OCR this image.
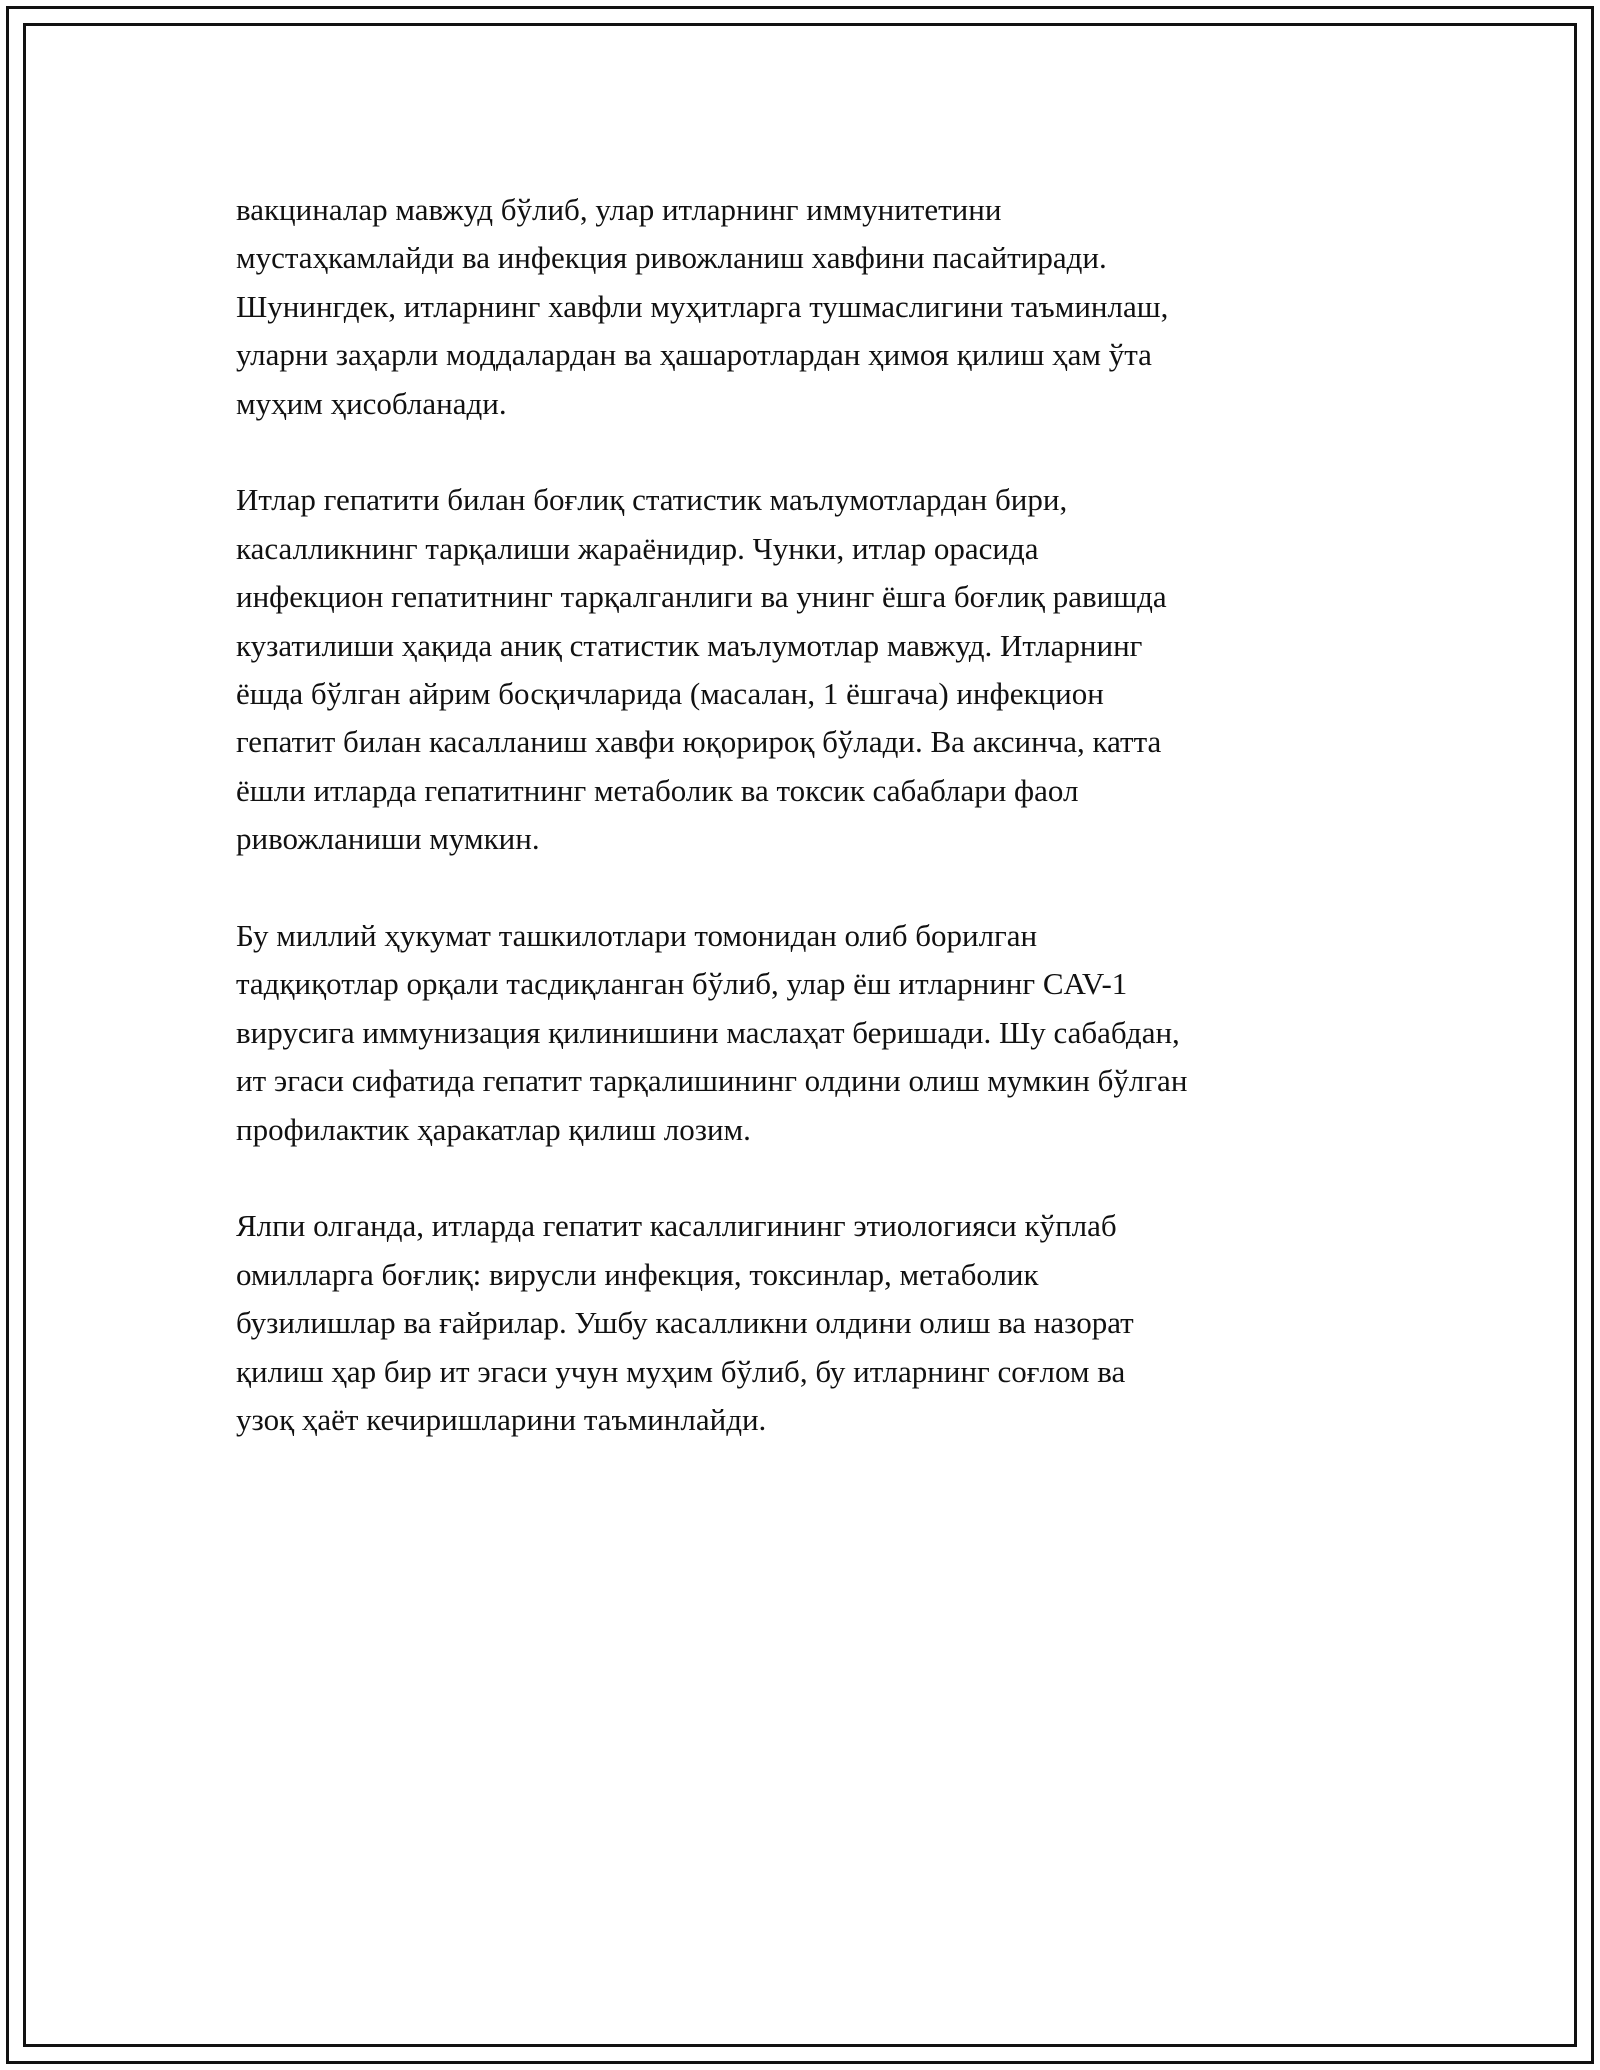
вакциналар мавжуд бўлиб, улар итларнинг иммунитетини
мустаҳкамлайди ва инфекция ривожланиш хавфини пасайтиради.
Шунингдек, итларнинг хавфли муҳитларга тушмаслигини таъминлаш,
уларни заҳарли моддалардан ва ҳашаротлардан ҳимоя қилиш ҳам ўта
муҳим ҳисобланади.

Итлар гепатити билан боғлиқ статистик маълумотлардан бири,
касалликнинг тарқалиши жараёнидир. Чунки, итлар орасида
инфекцион гепатитнинг тарқалганлиги ва унинг ёшга боғлиқ равишда
кузатилиши ҳақида аниқ статистик маълумотлар мавжуд. Итларнинг
ёшда бўлган айрим босқичларида (масалан, 1 ёшгача) инфекцион
гепатит билан касалланиш хавфи юқорироқ бўлади. Ва аксинча, катта
ёшли итларда гепатитнинг метаболик ва токсик сабаблари фаол
ривожланиши мумкин.

Бу миллий ҳукумат ташкилотлари томонидан олиб борилган
тадқиқотлар орқали тасдиқланган бўлиб, улар ёш итларнинг CAV-1
вирусига иммунизация қилинишини маслаҳат беришади. Шу сабабдан,
ит эгаси сифатида гепатит тарқалишининг олдини олиш мумкин бўлган
профилактик ҳаракатлар қилиш лозим.

Ялпи олганда, итларда гепатит касаллигининг этиологияси кўплаб
омилларга боғлиқ: вирусли инфекция, токсинлар, метаболик
бузилишлар ва ғайрилар. Ушбу касалликни олдини олиш ва назорат
қилиш ҳар бир ит эгаси учун муҳим бўлиб, бу итларнинг соғлом ва
узоқ ҳаёт кечиришларини таъминлайди.
